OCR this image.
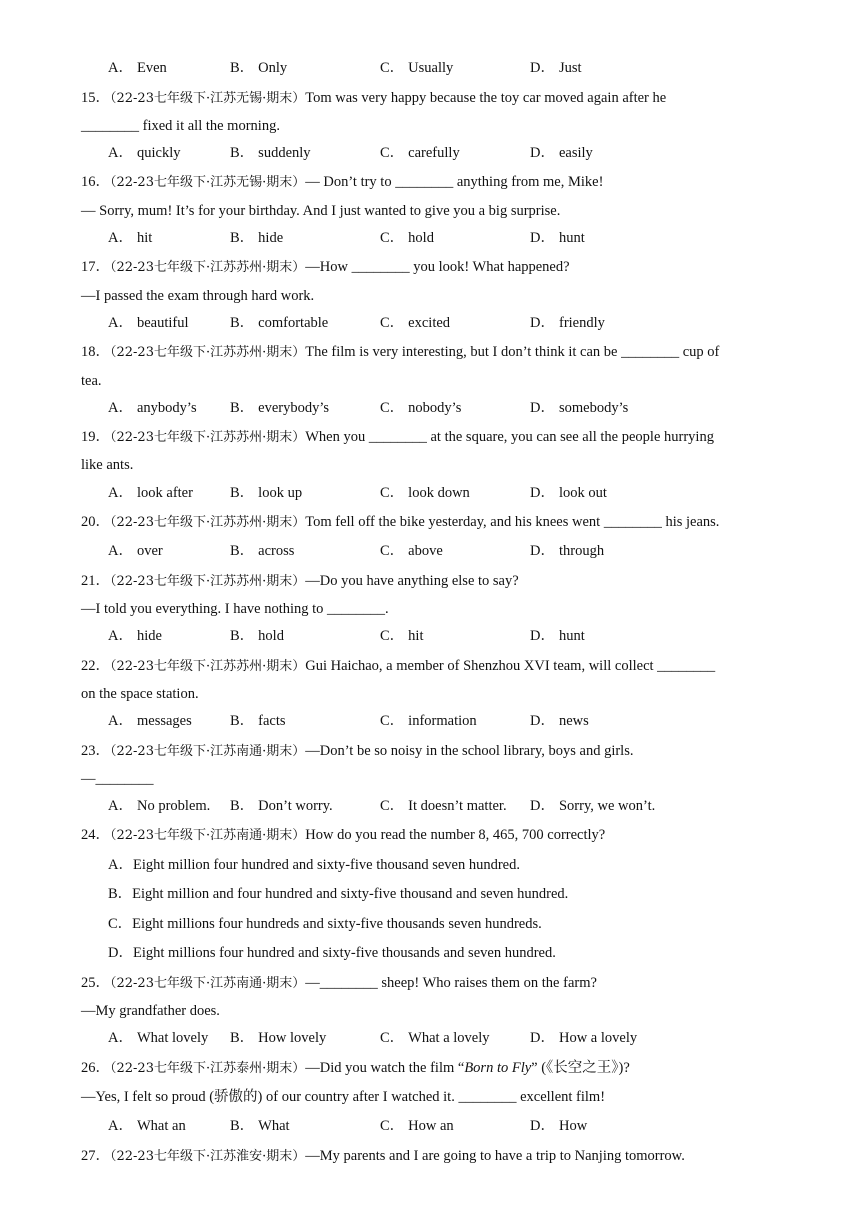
A． Even	B． Only	C． Usually	D． Just
15．（22-23七年级下·江苏无锡·期末）Tom was very happy because the toy car moved again after he
________ fixed it all the morning.
A． quickly	B． suddenly	C． carefully	D． easily
16．（22-23七年级下·江苏无锡·期末）— Don’t try to ________ anything from me, Mike!
— Sorry, mum! It’s for your birthday. And I just wanted to give you a big surprise.
A． hit	B． hide	C． hold	D． hunt
17．（22-23七年级下·江苏苏州·期末）—How ________ you look! What happened?
—I passed the exam through hard work.
A． beautiful	B． comfortable	C． excited	D． friendly
18．（22-23七年级下·江苏苏州·期末）The film is very interesting, but I don’t think it can be ________ cup of
tea.
A． anybody’s B． everybody’s	C． nobody’s	D． somebody’s
19．（22-23七年级下·江苏苏州·期末）When you ________ at the square, you can see all the people hurrying
like ants.
A． look after	B． look up	C． look down	D． look out
20．（22-23七年级下·江苏苏州·期末）Tom fell off the bike yesterday, and his knees went ________ his jeans.
A． over	B． across	C． above	D． through
21．（22-23七年级下·江苏苏州·期末）—Do you have anything else to say?
—I told you everything. I have nothing to ________.
A． hide	B． hold	C． hit	D． hunt
22．（22-23七年级下·江苏苏州·期末）Gui Haichao, a member of Shenzhou XVI team, will collect ________
on the space station.
A． messages	B． facts	C． information	D． news
23．（22-23七年级下·江苏南通·期末）—Don’t be so noisy in the school library, boys and girls.
—________
A． No problem. B． Don’t worry.	C． It doesn’t matter. D． Sorry, we won’t.
24．（22-23七年级下·江苏南通·期末）How do you read the number 8, 465, 700 correctly?
A．Eight million four hundred and sixty-five thousand seven hundred.
B．Eight million and four hundred and sixty-five thousand and seven hundred.
C．Eight millions four hundreds and sixty-five thousands seven hundreds.
D．Eight millions four hundred and sixty-five thousands and seven hundred.
25．（22-23七年级下·江苏南通·期末）—________ sheep! Who raises them on the farm?
—My grandfather does.
A． What lovely B． How lovely	C． What a lovely	D． How a lovely
26．（22-23七年级下·江苏泰州·期末）—Did you watch the film “Born to Fly” (《长空之王》)?
—Yes, I felt so proud (骄傲的) of our country after I watched it. ________ excellent film!
A． What an	B． What	C． How an	D． How
27．（22-23七年级下·江苏淮安·期末）—My parents and I are going to have a trip to Nanjing tomorrow.
